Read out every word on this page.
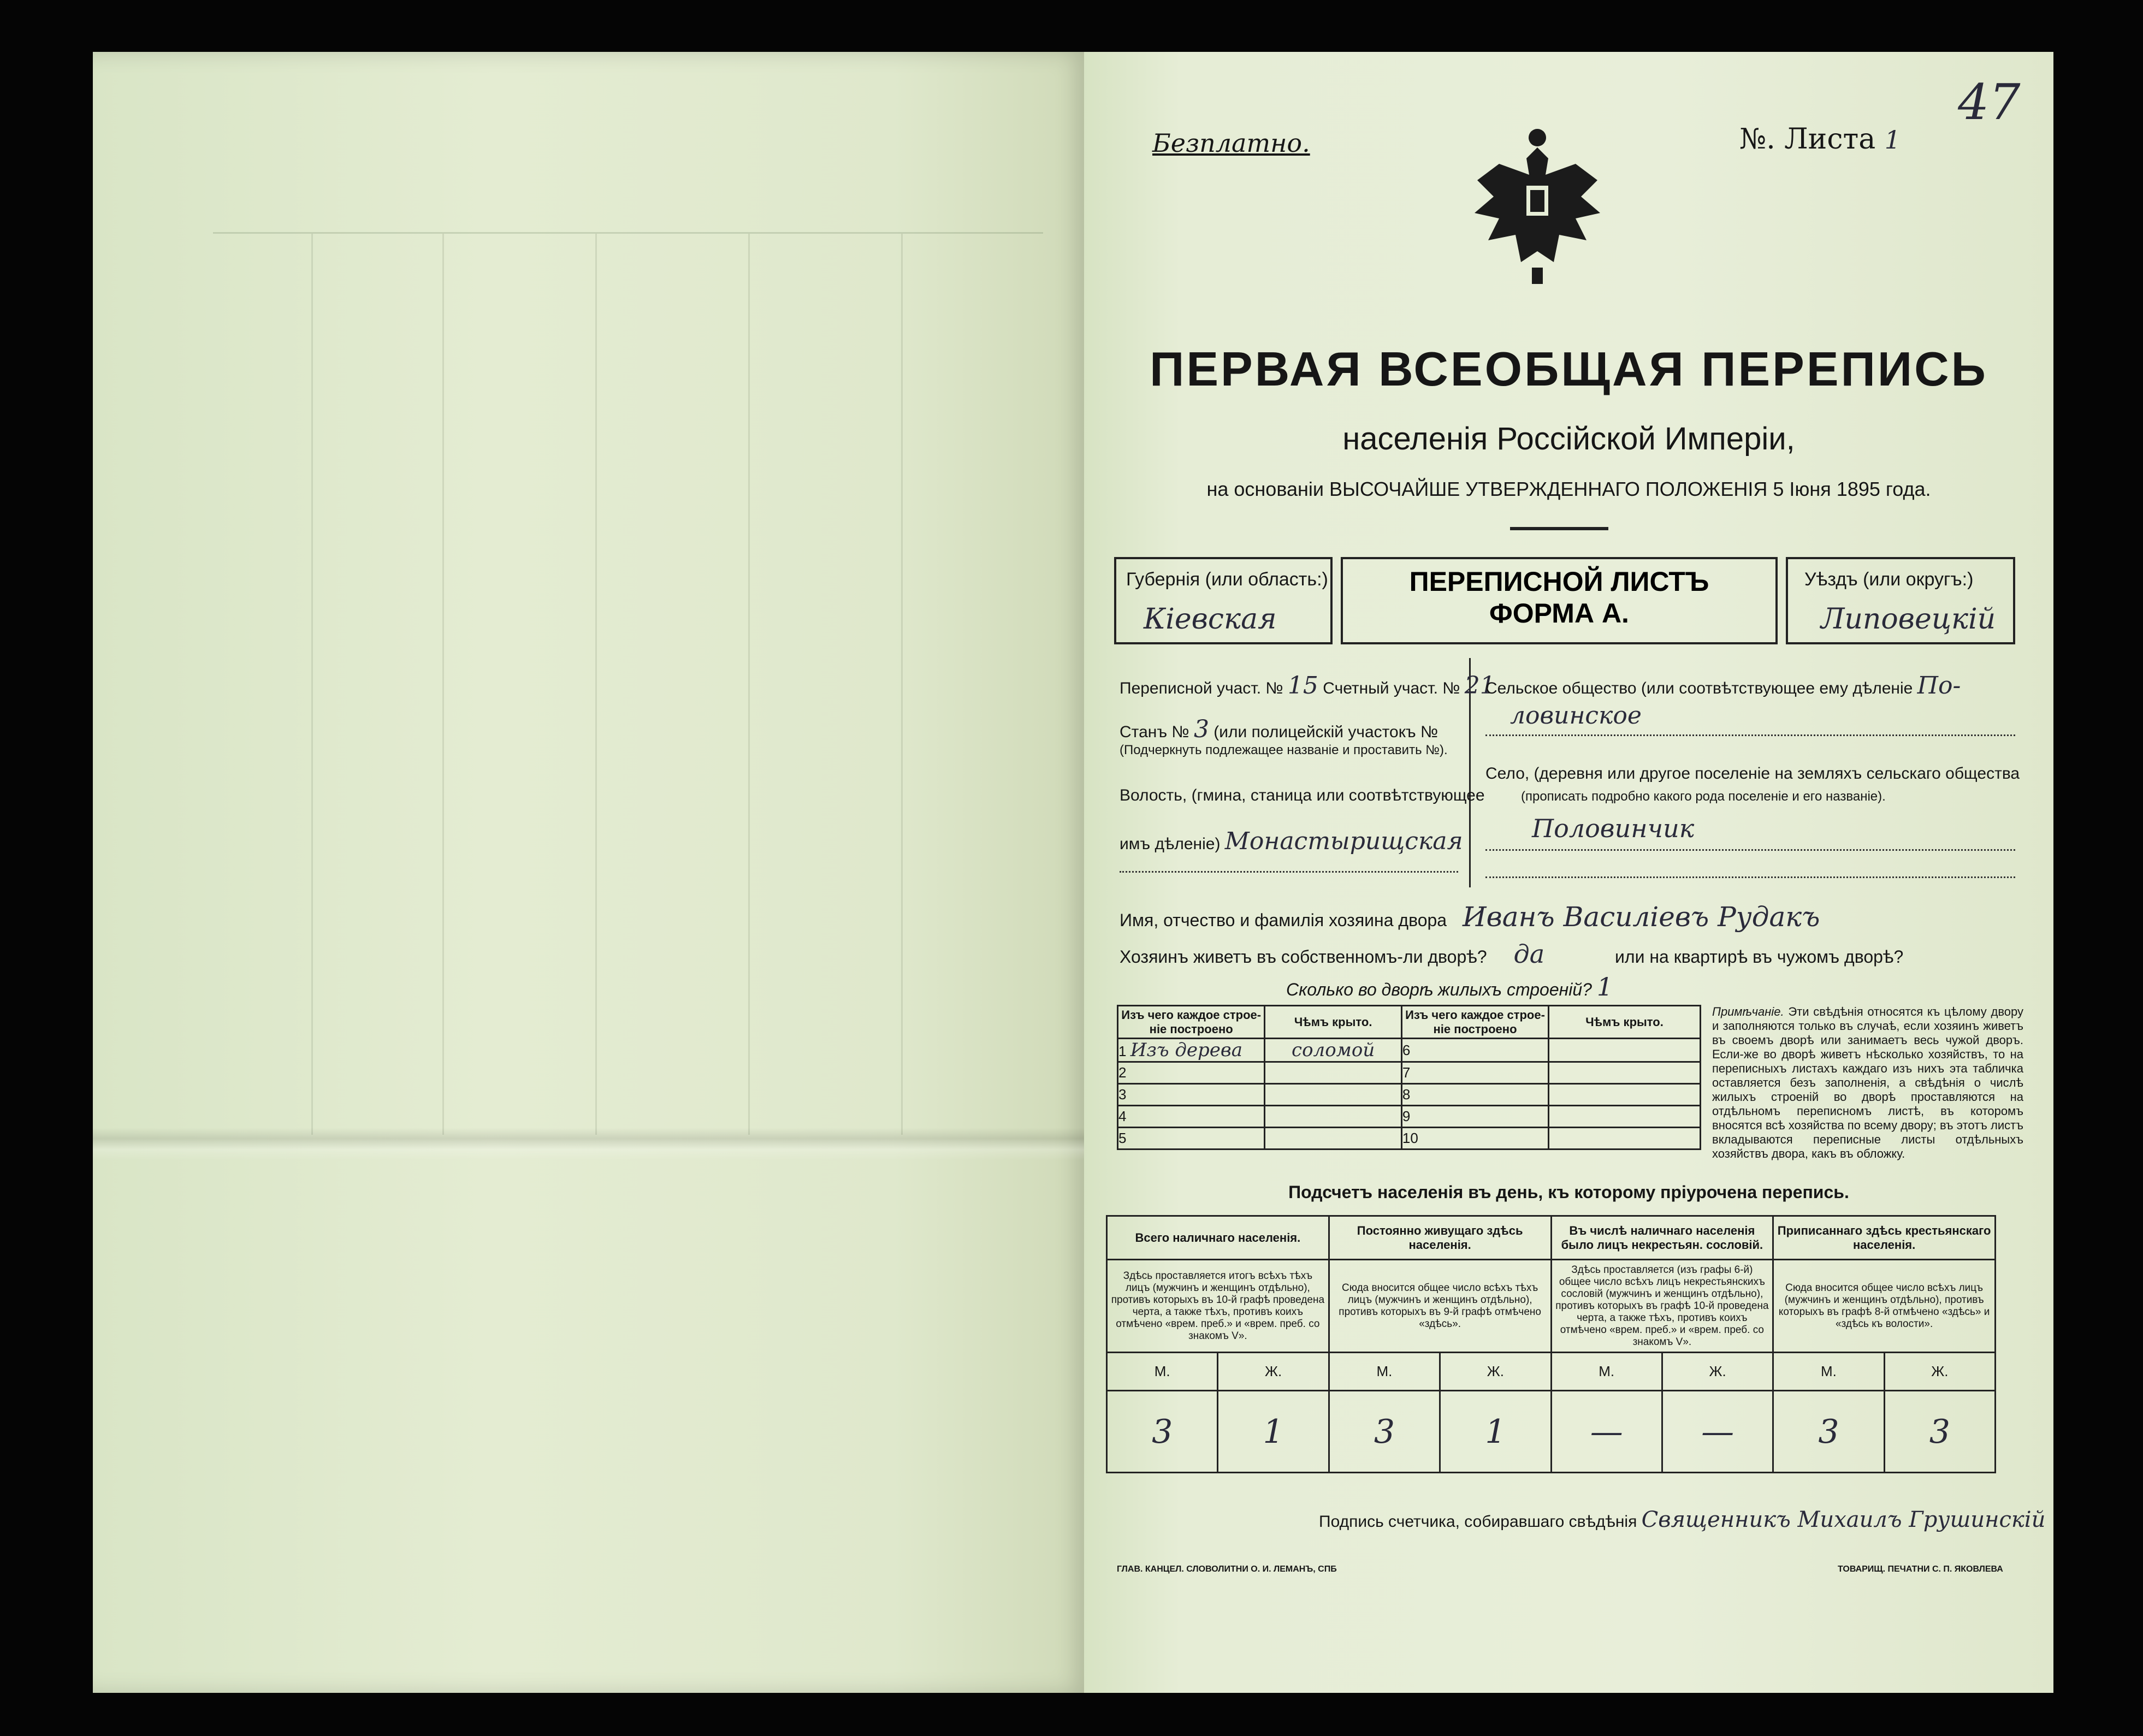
Безплатно.	№. Листа 1
47
ПЕРВАЯ ВСЕОБЩАЯ ПЕРЕПИСЬ
населенія Россійской Имперіи,
на основаніи ВЫСОЧАЙШЕ УТВЕРЖДЕННАГО ПОЛОЖЕНІЯ 5 Іюня 1895 года.
Губернія (или область:)
Кіевская
ПЕРЕПИСНОЙ ЛИСТЪ
ФОРМА А.
Уѣздъ (или округъ:)
Липовецкій
Переписной участ. № 15 Счетный участ. № 21
Станъ № 3 (или полицейскій участокъ №
(Подчеркнуть подлежащее названіе и проставить №).
Волость, (гмина, станица или соотвѣтствующее
имъ дѣленіе) Монастырищская
Сельское общество (или соотвѣтствующее ему дѣленіе По-
ловинское
Село, (деревня или другое поселеніе на земляхъ сельскаго общества
(прописать подробно какого рода поселеніе и его названіе).
Половинчик
Имя, отчество и фамилія хозяина двора Иванъ Василіевъ Рудакъ
Хозяинъ живетъ въ собственномъ-ли дворѣ? да	или на квартирѣ въ чужомъ дворѣ?
Сколько во дворѣ жилыхъ строеній? 1
Изъ чего каждое строе-ніе построено	Чѣмъ крыто.	Изъ чего каждое строе-ніе построено	Чѣмъ крыто.
1 Изъ дерева	соломой	6	
2		7	
3		8	
4		9	
5		10	
Примѣчаніе. Эти свѣдѣнія относятся къ цѣлому двору и заполняются только въ случаѣ, если хозяинъ живетъ въ своемъ дворѣ или занимаетъ весь чужой дворъ. Если-же во дворѣ живетъ нѣсколько хозяйствъ, то на переписныхъ листахъ каждаго изъ нихъ эта табличка оставляется безъ заполненія, а свѣдѣнія о числѣ жилыхъ строеній во дворѣ проставляются на отдѣльномъ переписномъ листѣ, въ которомъ вносятся всѣ хозяйства по всему двору; въ этотъ листъ вкладываются переписные листы отдѣльныхъ хозяйствъ двора, какъ въ обложку.
Подсчетъ населенія въ день, къ которому пріурочена перепись.
Всего наличнаго населенія.		Постоянно живущаго здѣсь населенія.		Въ числѣ наличнаго населенія было лицъ некрестьян. сословій.		Приписаннаго здѣсь крестьянскаго населенія.	
Здѣсь проставляется итогъ всѣхъ тѣхъ лицъ (мужчинъ и женщинъ отдѣльно), противъ которыхъ въ 10-й графѣ проведена черта, а также тѣхъ, противъ коихъ отмѣчено «врем. преб.» и «врем. преб. со знакомъ V».		Сюда вносится общее число всѣхъ тѣхъ лицъ (мужчинъ и женщинъ отдѣльно), противъ которыхъ въ 9-й графѣ отмѣчено «здѣсь».		Здѣсь проставляется (изъ графы 6-й) общее число всѣхъ лицъ некрестьянскихъ сословій (мужчинъ и женщинъ отдѣльно), противъ которыхъ въ графѣ 10-й проведена черта, а также тѣхъ, противъ коихъ отмѣчено «врем. преб.» и «врем. преб. со знакомъ V».		Сюда вносится общее число всѣхъ лицъ (мужчинъ и женщинъ отдѣльно), противъ которыхъ въ графѣ 8-й отмѣчено «здѣсь» и «здѣсь къ волости».	
М.	Ж.	М.	Ж.	М.	Ж.	М.	Ж.
3	1	3	1	—	—	3	3
Подпись счетчика, собиравшаго свѣдѣнія Священникъ Михаилъ Грушинскій
ГЛАВ. КАНЦЕЛ. СЛОВОЛИТНИ О. И. ЛЕМАНЪ, СПБ	ТОВАРИЩ. ПЕЧАТНИ С. П. ЯКОВЛЕВА
